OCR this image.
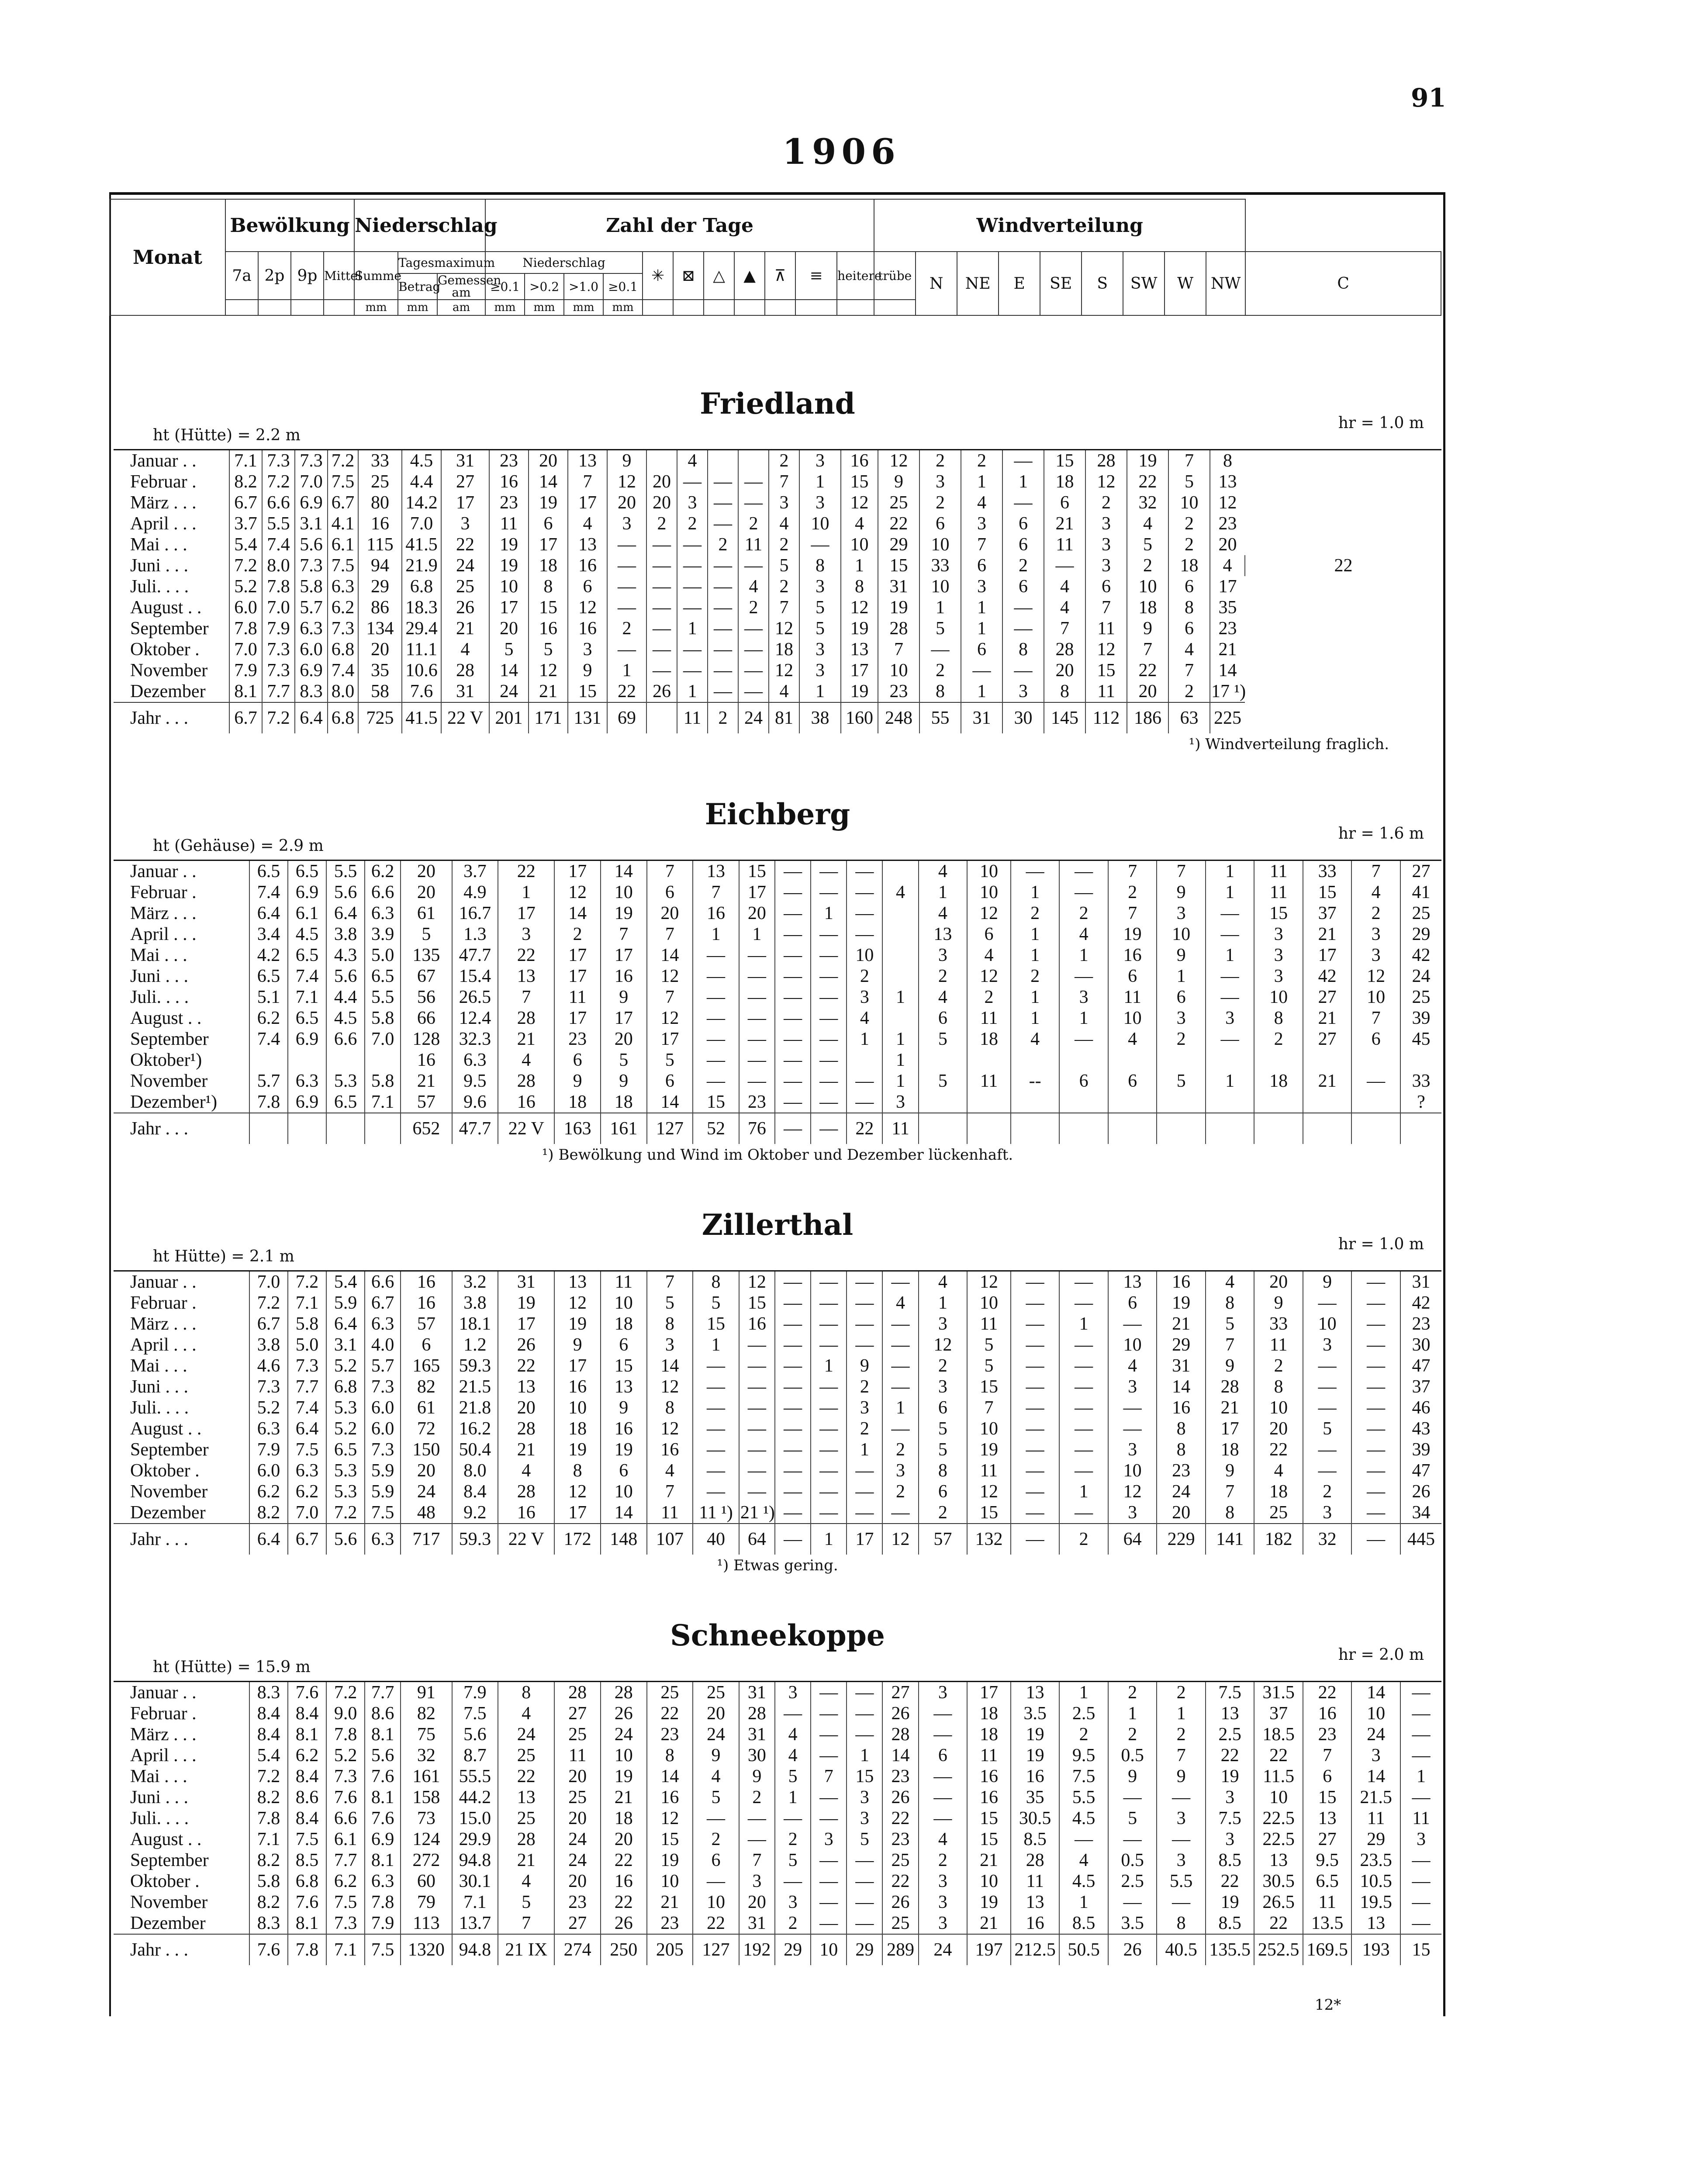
91
1906
Monat	Bewölkung				Niederschlag			Zahl der Tage											Windverteilung									
	7a	2p	9p	Mittel	Summe	Tagesmaximum		Niederschlag				✳	⊠	△	▲	⊼	≡	heitere	trübe	N	NE	E	SE	S	SW	W	NW	C
						Betrag	Gemessen am	≥0.1	>0.2	>1.0	≥0.1																	
					mm	mm	am	mm	mm	mm	mm																	
Friedland
ht (Hütte) = 2.2 m
hr = 1.0 m
Januar . .	7.1	7.3	7.3	7.2	33	4.5	31	23	20	13	9		4			2	3	16	12	2	2	—	15	28	19	7	8	
Februar .	8.2	7.2	7.0	7.5	25	4.4	27	16	14	7	12	20	—	—	—	7	1	15	9	3	1	1	18	12	22	5	13	
März . . .	6.7	6.6	6.9	6.7	80	14.2	17	23	19	17	20	20	3	—	—	3	3	12	25	2	4	—	6	2	32	10	12	
April . . .	3.7	5.5	3.1	4.1	16	7.0	3	11	6	4	3	2	2	—	2	4	10	4	22	6	3	6	21	3	4	2	23	
Mai . . .	5.4	7.4	5.6	6.1	115	41.5	22	19	17	13	—	—	—	2	11	2	—	10	29	10	7	6	11	3	5	2	20	
Juni . . .	7.2	8.0	7.3	7.5	94	21.9	24	19	18	16	—	—	—	—	—	5	8	1	15	33	6	2	—	3	2	18	4	22
Juli. . . .	5.2	7.8	5.8	6.3	29	6.8	25	10	8	6	—	—	—	—	4	2	3	8	31	10	3	6	4	6	10	6	17	
August . .	6.0	7.0	5.7	6.2	86	18.3	26	17	15	12	—	—	—	—	2	7	5	12	19	1	1	—	4	7	18	8	35	
September	7.8	7.9	6.3	7.3	134	29.4	21	20	16	16	2	—	1	—	—	12	5	19	28	5	1	—	7	11	9	6	23	
Oktober .	7.0	7.3	6.0	6.8	20	11.1	4	5	5	3	—	—	—	—	—	18	3	13	7	—	6	8	28	12	7	4	21	
November	7.9	7.3	6.9	7.4	35	10.6	28	14	12	9	1	—	—	—	—	12	3	17	10	2	—	—	20	15	22	7	14	
Dezember	8.1	7.7	8.3	8.0	58	7.6	31	24	21	15	22	26	1	—	—	4	1	19	23	8	1	3	8	11	20	2	17 ¹)	
Jahr . . .	6.7	7.2	6.4	6.8	725	41.5	22 V	201	171	131	69		11	2	24	81	38	160	248	55	31	30	145	112	186	63	225	
¹) Windverteilung fraglich.
Eichberg
ht (Gehäuse) = 2.9 m
hr = 1.6 m
Januar . .	6.5	6.5	5.5	6.2	20	3.7	22	17	14	7	13	15	—	—	—		4	10	—	—	7	7	1	11	33	7	27
Februar .	7.4	6.9	5.6	6.6	20	4.9	1	12	10	6	7	17	—	—	—	4	1	10	1	—	2	9	1	11	15	4	41
März . . .	6.4	6.1	6.4	6.3	61	16.7	17	14	19	20	16	20	—	1	—		4	12	2	2	7	3	—	15	37	2	25
April . . .	3.4	4.5	3.8	3.9	5	1.3	3	2	7	7	1	1	—	—	—		13	6	1	4	19	10	—	3	21	3	29
Mai . . .	4.2	6.5	4.3	5.0	135	47.7	22	17	17	14	—	—	—	—	10		3	4	1	1	16	9	1	3	17	3	42
Juni . . .	6.5	7.4	5.6	6.5	67	15.4	13	17	16	12	—	—	—	—	2		2	12	2	—	6	1	—	3	42	12	24
Juli. . . .	5.1	7.1	4.4	5.5	56	26.5	7	11	9	7	—	—	—	—	3	1	4	2	1	3	11	6	—	10	27	10	25
August . .	6.2	6.5	4.5	5.8	66	12.4	28	17	17	12	—	—	—	—	4		6	11	1	1	10	3	3	8	21	7	39
September	7.4	6.9	6.6	7.0	128	32.3	21	23	20	17	—	—	—	—	1	1	5	18	4	—	4	2	—	2	27	6	45
Oktober¹)					16	6.3	4	6	5	5	—	—	—	—		1											
November	5.7	6.3	5.3	5.8	21	9.5	28	9	9	6	—	—	—	—	—	1	5	11	--	6	6	5	1	18	21	—	33
Dezember¹)	7.8	6.9	6.5	7.1	57	9.6	16	18	18	14	15	23	—	—	—	3											?
Jahr . . .					652	47.7	22 V	163	161	127	52	76	—	—	22	11											
¹) Bewölkung und Wind im Oktober und Dezember lückenhaft.
Zillerthal
ht Hütte) = 2.1 m
hr = 1.0 m
Januar . .	7.0	7.2	5.4	6.6	16	3.2	31	13	11	7	8	12	—	—	—	—	4	12	—	—	13	16	4	20	9	—	31
Februar .	7.2	7.1	5.9	6.7	16	3.8	19	12	10	5	5	15	—	—	—	4	1	10	—	—	6	19	8	9	—	—	42
März . . .	6.7	5.8	6.4	6.3	57	18.1	17	19	18	8	15	16	—	—	—	—	3	11	—	1	—	21	5	33	10	—	23
April . . .	3.8	5.0	3.1	4.0	6	1.2	26	9	6	3	1	—	—	—	—	—	12	5	—	—	10	29	7	11	3	—	30
Mai . . .	4.6	7.3	5.2	5.7	165	59.3	22	17	15	14	—	—	—	1	9	—	2	5	—	—	4	31	9	2	—	—	47
Juni . . .	7.3	7.7	6.8	7.3	82	21.5	13	16	13	12	—	—	—	—	2	—	3	15	—	—	3	14	28	8	—	—	37
Juli. . . .	5.2	7.4	5.3	6.0	61	21.8	20	10	9	8	—	—	—	—	3	1	6	7	—	—	—	16	21	10	—	—	46
August . .	6.3	6.4	5.2	6.0	72	16.2	28	18	16	12	—	—	—	—	2	—	5	10	—	—	—	8	17	20	5	—	43
September	7.9	7.5	6.5	7.3	150	50.4	21	19	19	16	—	—	—	—	1	2	5	19	—	—	3	8	18	22	—	—	39
Oktober .	6.0	6.3	5.3	5.9	20	8.0	4	8	6	4	—	—	—	—	—	3	8	11	—	—	10	23	9	4	—	—	47
November	6.2	6.2	5.3	5.9	24	8.4	28	12	10	7	—	—	—	—	—	2	6	12	—	1	12	24	7	18	2	—	26
Dezember	8.2	7.0	7.2	7.5	48	9.2	16	17	14	11	11 ¹)	21 ¹)	—	—	—	—	2	15	—	—	3	20	8	25	3	—	34
Jahr . . .	6.4	6.7	5.6	6.3	717	59.3	22 V	172	148	107	40	64	—	1	17	12	57	132	—	2	64	229	141	182	32	—	445
¹) Etwas gering.
Schneekoppe
ht (Hütte) = 15.9 m
hr = 2.0 m
Januar . .	8.3	7.6	7.2	7.7	91	7.9	8	28	28	25	25	31	3	—	—	27	3	17	13	1	2	2	7.5	31.5	22	14	—
Februar .	8.4	8.4	9.0	8.6	82	7.5	4	27	26	22	20	28	—	—	—	26	—	18	3.5	2.5	1	1	13	37	16	10	—
März . . .	8.4	8.1	7.8	8.1	75	5.6	24	25	24	23	24	31	4	—	—	28	—	18	19	2	2	2	2.5	18.5	23	24	—
April . . .	5.4	6.2	5.2	5.6	32	8.7	25	11	10	8	9	30	4	—	1	14	6	11	19	9.5	0.5	7	22	22	7	3	—
Mai . . .	7.2	8.4	7.3	7.6	161	55.5	22	20	19	14	4	9	5	7	15	23	—	16	16	7.5	9	9	19	11.5	6	14	1
Juni . . .	8.2	8.6	7.6	8.1	158	44.2	13	25	21	16	5	2	1	—	3	26	—	16	35	5.5	—	—	3	10	15	21.5	—
Juli. . . .	7.8	8.4	6.6	7.6	73	15.0	25	20	18	12	—	—	—	—	3	22	—	15	30.5	4.5	5	3	7.5	22.5	13	11	11
August . .	7.1	7.5	6.1	6.9	124	29.9	28	24	20	15	2	—	2	3	5	23	4	15	8.5	—	—	—	3	22.5	27	29	3
September	8.2	8.5	7.7	8.1	272	94.8	21	24	22	19	6	7	5	—	—	25	2	21	28	4	0.5	3	8.5	13	9.5	23.5	—
Oktober .	5.8	6.8	6.2	6.3	60	30.1	4	20	16	10	—	3	—	—	—	22	3	10	11	4.5	2.5	5.5	22	30.5	6.5	10.5	—
November	8.2	7.6	7.5	7.8	79	7.1	5	23	22	21	10	20	3	—	—	26	3	19	13	1	—	—	19	26.5	11	19.5	—
Dezember	8.3	8.1	7.3	7.9	113	13.7	7	27	26	23	22	31	2	—	—	25	3	21	16	8.5	3.5	8	8.5	22	13.5	13	—
Jahr . . .	7.6	7.8	7.1	7.5	1320	94.8	21 IX	274	250	205	127	192	29	10	29	289	24	197	212.5	50.5	26	40.5	135.5	252.5	169.5	193	15
12*
